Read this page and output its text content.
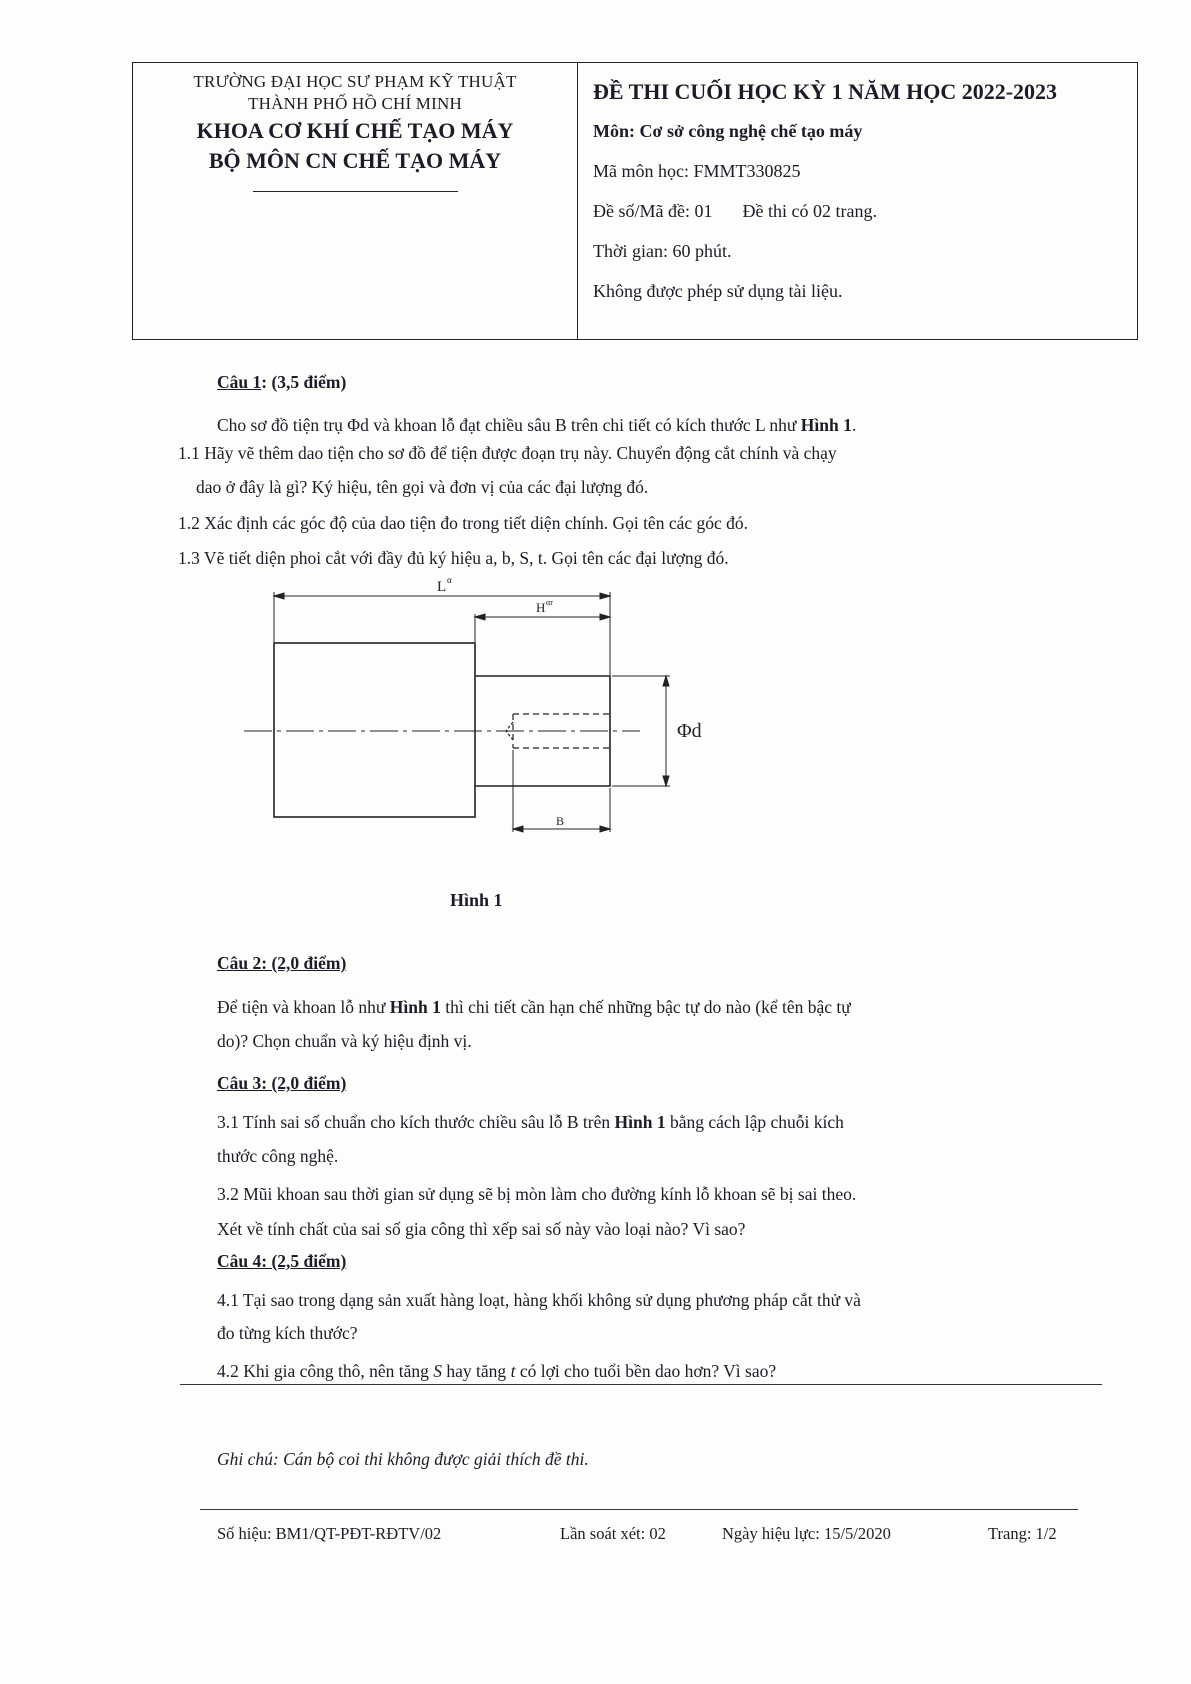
TRƯỜNG ĐẠI HỌC SƯ PHẠM KỸ THUẬT
THÀNH PHỐ HỒ CHÍ MINH
KHOA CƠ KHÍ CHẾ TẠO MÁY
BỘ MÔN CN CHẾ TẠO MÁY
ĐỀ THI CUỐI HỌC KỲ 1 NĂM HỌC 2022-2023
Môn: Cơ sở công nghệ chế tạo máy
Mã môn học: FMMT330825
Đề số/Mã đề: 01 Đề thi có 02 trang.
Thời gian: 60 phút.
Không được phép sử dụng tài liệu.
Câu 1: (3,5 điểm)
Cho sơ đồ tiện trụ Φd và khoan lỗ đạt chiều sâu B trên chi tiết có kích thước L như Hình 1.
1.1 Hãy vẽ thêm dao tiện cho sơ đồ để tiện được đoạn trụ này. Chuyển động cắt chính và chạy
dao ở đây là gì? Ký hiệu, tên gọi và đơn vị của các đại lượng đó.
1.2 Xác định các góc độ của dao tiện đo trong tiết diện chính. Gọi tên các góc đó.
1.3 Vẽ tiết diện phoi cắt với đầy đủ ký hiệu a, b, S, t. Gọi tên các đại lượng đó.
L α
H αr
Φd
B
Hình 1
Câu 2: (2,0 điểm)
Để tiện và khoan lỗ như Hình 1 thì chi tiết cần hạn chế những bậc tự do nào (kể tên bậc tự
do)? Chọn chuẩn và ký hiệu định vị.
Câu 3: (2,0 điểm)
3.1 Tính sai số chuẩn cho kích thước chiều sâu lỗ B trên Hình 1 bằng cách lập chuỗi kích
thước công nghệ.
3.2 Mũi khoan sau thời gian sử dụng sẽ bị mòn làm cho đường kính lỗ khoan sẽ bị sai theo.
Xét về tính chất của sai số gia công thì xếp sai số này vào loại nào? Vì sao?
Câu 4: (2,5 điểm)
4.1 Tại sao trong dạng sản xuất hàng loạt, hàng khối không sử dụng phương pháp cắt thử và
đo từng kích thước?
4.2 Khi gia công thô, nên tăng S hay tăng t có lợi cho tuổi bền dao hơn? Vì sao?
Ghi chú: Cán bộ coi thi không được giải thích đề thi.
Số hiệu: BM1/QT-PĐT-RĐTV/02	Lần soát xét: 02	Ngày hiệu lực: 15/5/2020	Trang: 1/2
